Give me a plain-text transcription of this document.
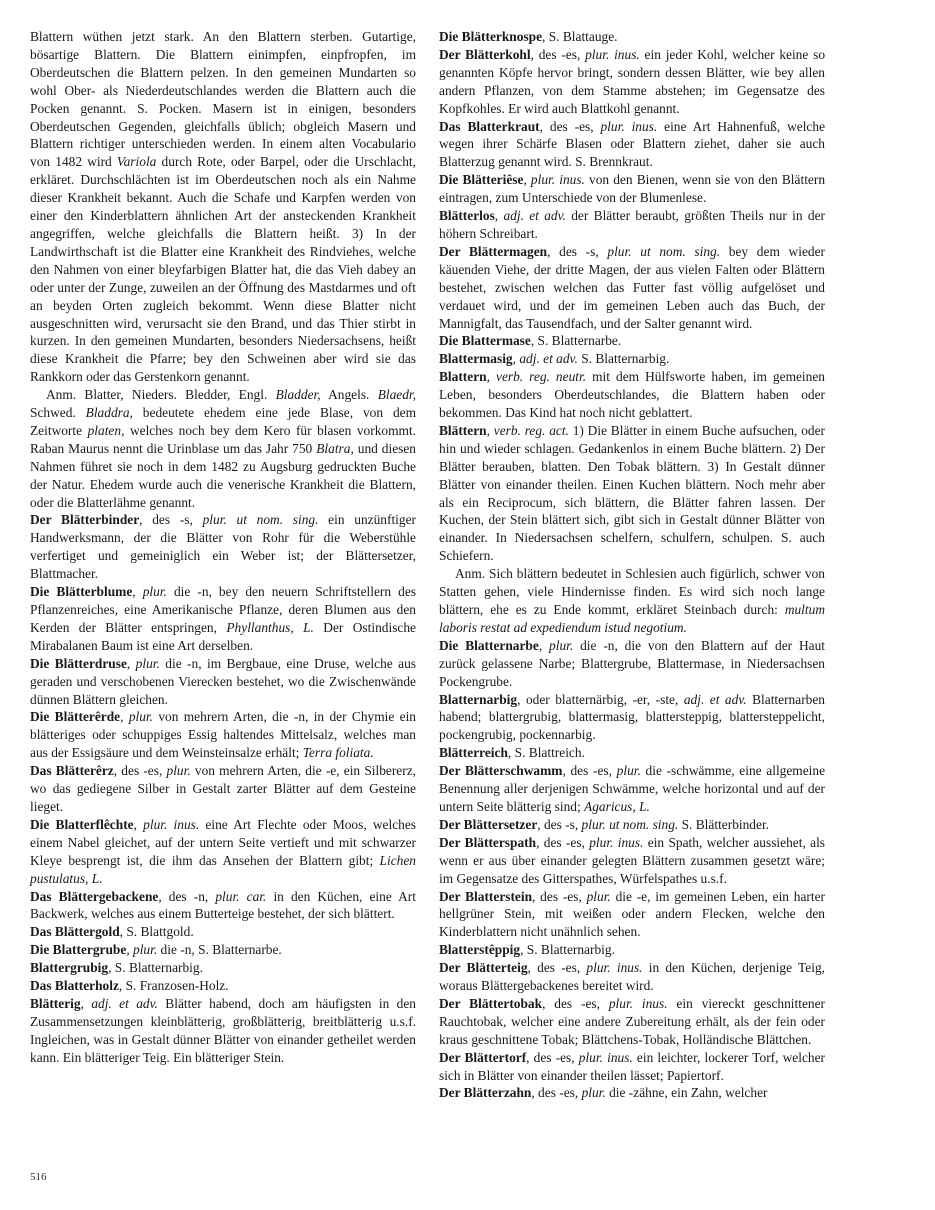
Blattern wüthen jetzt stark. An den Blattern sterben. Gutartige, bösartige Blattern. Die Blattern einimpfen, einpfropfen, im Oberdeutschen die Blattern pelzen. In den gemeinen Mundarten so wohl Ober- als Niederdeutschlandes werden die Blattern auch die Pocken genannt. S. Pocken. Masern ist in einigen, besonders Oberdeutschen Gegenden, gleichfalls üblich; obgleich Masern und Blattern richtiger unterschieden werden. In einem alten Vocabulario von 1482 wird Variola durch Rote, oder Barpel, oder die Urschlacht, erkläret. Durchschlächten ist im Oberdeutschen noch als ein Nahme dieser Krankheit bekannt. Auch die Schafe und Karpfen werden von einer den Kinderblattern ähnlichen Art der ansteckenden Krankheit angegriffen, welche gleichfalls die Blattern heißt. 3) In der Landwirthschaft ist die Blatter eine Krankheit des Rindviehes, welche den Nahmen von einer bleyfarbigen Blatter hat, die das Vieh dabey an oder unter der Zunge, zuweilen an der Öffnung des Mastdarmes und oft an beyden Orten zugleich bekommt. Wenn diese Blatter nicht ausgeschnitten wird, verursacht sie den Brand, und das Thier stirbt in kurzen. In den gemeinen Mundarten, besonders Niedersachsens, heißt diese Krankheit die Pfarre; bey den Schweinen aber wird sie das Rankkorn oder das Gerstenkorn genannt.

Anm. Blatter, Nieders. Bledder, Engl. Bladder, Angels. Blaedr, Schwed. Bladdra, bedeutete ehedem eine jede Blase, von dem Zeitworte platen, welches noch bey dem Kero für blasen vorkommt. Raban Maurus nennt die Urinblase um das Jahr 750 Blatra, und diesen Nahmen führet sie noch in dem 1482 zu Augsburg gedruckten Buche der Natur. Ehedem wurde auch die venerische Krankheit die Blattern, oder die Blatterlähme genannt.

Der Blätterbinder, des -s, plur. ut nom. sing. ein unzünftiger Handwerksmann, der die Blätter von Rohr für die Weberstühle verfertiget und gemeiniglich ein Weber ist; der Blättersetzer, Blattmacher.

Die Blätterblume, plur. die -n, bey den neuern Schriftstellern des Pflanzenreiches, eine Amerikanische Pflanze, deren Blumen aus den Kerden der Blätter entspringen, Phyllanthus, L. Der Ostindische Mirabalanen Baum ist eine Art derselben.

Die Blätterdruse, plur. die -n, im Bergbaue, eine Druse, welche aus geraden und verschobenen Vierecken bestehet, wo die Zwischenwände dünnen Blättern gleichen.

Die Blätterêrde, plur. von mehrern Arten, die -n, in der Chymie ein blätteriges oder schuppiges Essig haltendes Mittelsalz, welches man aus der Essigsäure und dem Weinsteinsalze erhält; Terra foliata.

Das Blätterêrz, des -es, plur. von mehrern Arten, die -e, ein Silbererz, wo das gediegene Silber in Gestalt zarter Blätter auf dem Gesteine lieget.

Die Blatterflêchte, plur. inus. eine Art Flechte oder Moos, welches einem Nabel gleichet, auf der untern Seite vertieft und mit schwarzer Kleye besprengt ist, die ihm das Ansehen der Blattern gibt; Lichen pustulatus, L.

Das Blättergebackene, des -n, plur. car. in den Küchen, eine Art Backwerk, welches aus einem Butterteige bestehet, der sich blättert.

Das Blättergold, S. Blattgold.

Die Blattergrube, plur. die -n, S. Blatternarbe.

Blattergrubig, S. Blatternarbig.

Das Blatterholz, S. Franzosen-Holz.

Blätterig, adj. et adv. Blätter habend, doch am häufigsten in den Zusammensetzungen kleinblätterig, großblätterig, breitblätterig u.s.f. Ingleichen, was in Gestalt dünner Blätter von einander getheilet werden kann. Ein blätteriger Teig. Ein blätteriger Stein.

Die Blätterknospe, S. Blattauge.

Der Blätterkohl, des -es, plur. inus. ein jeder Kohl, welcher keine so genannten Köpfe hervor bringt, sondern dessen Blätter, wie bey allen andern Pflanzen, von dem Stamme abstehen; im Gegensatze des Kopfkohles. Er wird auch Blattkohl genannt.

Das Blatterkraut, des -es, plur. inus. eine Art Hahnenfuß, welche wegen ihrer Schärfe Blasen oder Blattern ziehet, daher sie auch Blatterzug genannt wird. S. Brennkraut.

Die Blätteriêse, plur. inus. von den Bienen, wenn sie von den Blättern eintragen, zum Unterschiede von der Blumenlese.

Blätterlos, adj. et adv. der Blätter beraubt, größten Theils nur in der höhern Schreibart.

Der Blättermagen, des -s, plur. ut nom. sing. bey dem wieder käuenden Viehe, der dritte Magen, der aus vielen Falten oder Blättern bestehet, zwischen welchen das Futter fast völlig aufgelöset und verdauet wird, und der im gemeinen Leben auch das Buch, der Mannigfalt, das Tausendfach, und der Salter genannt wird.

Die Blattermase, S. Blatternarbe.

Blattermasig, adj. et adv. S. Blatternarbig.

Blattern, verb. reg. neutr. mit dem Hülfsworte haben, im gemeinen Leben, besonders Oberdeutschlandes, die Blattern haben oder bekommen. Das Kind hat noch nicht geblattert.

Blättern, verb. reg. act. 1) Die Blätter in einem Buche aufsuchen, oder hin und wieder schlagen. Gedankenlos in einem Buche blättern. 2) Der Blätter berauben, blatten. Den Tobak blättern. 3) In Gestalt dünner Blätter von einander theilen. Einen Kuchen blättern. Noch mehr aber als ein Reciprocum, sich blättern, die Blätter fahren lassen. Der Kuchen, der Stein blättert sich, gibt sich in Gestalt dünner Blätter von einander. In Niedersachsen schelfern, schulfern, schulpen. S. auch Schiefern.

Anm. Sich blättern bedeutet in Schlesien auch figürlich, schwer von Statten gehen, viele Hindernisse finden. Es wird sich noch lange blättern, ehe es zu Ende kommt, erkläret Steinbach durch: multum laboris restat ad expediendum istud negotium.

Die Blatternarbe, plur. die -n, die von den Blattern auf der Haut zurück gelassene Narbe; Blattergrube, Blattermase, in Niedersachsen Pockengrube.

Blatternarbig, oder blatternärbig, -er, -ste, adj. et adv. Blatternarben habend; blattergrubig, blattermasig, blattersteppig, blattersteppelicht, pockengrubig, pockennarbig.

Blätterreich, S. Blattreich.

Der Blätterschwamm, des -es, plur. die -schwämme, eine allgemeine Benennung aller derjenigen Schwämme, welche horizontal und auf der untern Seite blätterig sind; Agaricus, L.

Der Blättersetzer, des -s, plur. ut nom. sing. S. Blätterbinder.

Der Blätterspath, des -es, plur. inus. ein Spath, welcher aussiehet, als wenn er aus über einander gelegten Blättern zusammen gesetzt wäre; im Gegensatze des Gitterspathes, Würfelspathes u.s.f.

Der Blatterstein, des -es, plur. die -e, im gemeinen Leben, ein harter hellgrüner Stein, mit weißen oder andern Flecken, welche den Kinderblattern nicht unähnlich sehen.

Blatterstêppig, S. Blatternarbig.

Der Blätterteig, des -es, plur. inus. in den Küchen, derjenige Teig, woraus Blättergebackenes bereitet wird.

Der Blättertobak, des -es, plur. inus. ein viereckt geschnittener Rauchtobak, welcher eine andere Zubereitung erhält, als der fein oder kraus geschnittene Tobak; Blättchens-Tobak, Holländische Blättchen.

Der Blättertorf, des -es, plur. inus. ein leichter, lockerer Torf, welcher sich in Blätter von einander theilen lässet; Papiertorf.

Der Blätterzahn, des -es, plur. die -zähne, ein Zahn, welcher

516
